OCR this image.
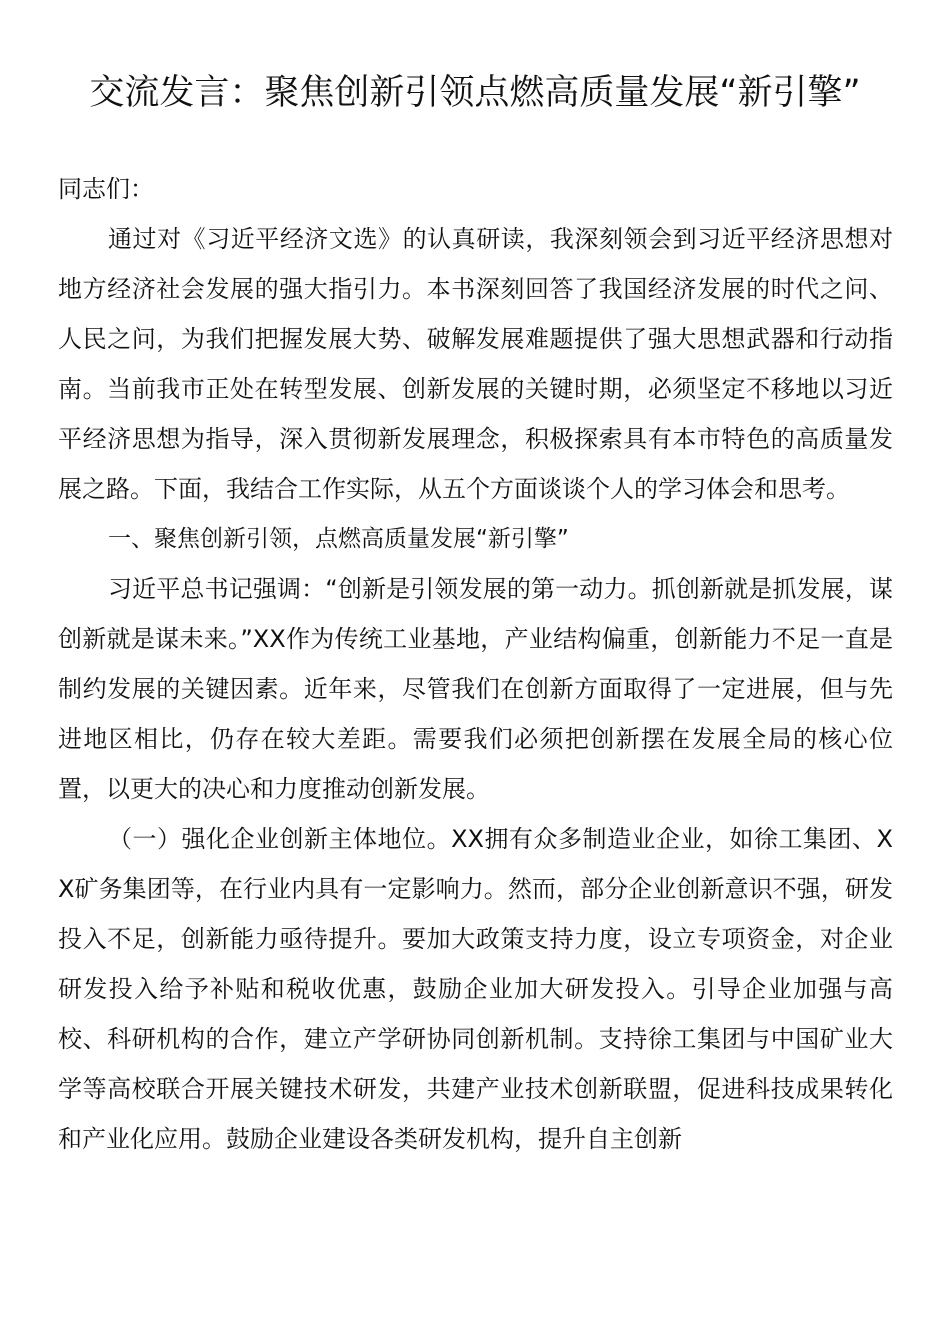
交流发言：聚焦创新引领点燃高质量发展“新引擎”

同志们：

通过对《习近平经济文选》的认真研读，我深刻领会到习近平经济思想对地方经济社会发展的强大指引力。本书深刻回答了我国经济发展的时代之问、人民之问，为我们把握发展大势、破解发展难题提供了强大思想武器和行动指南。当前我市正处在转型发展、创新发展的关键时期，必须坚定不移地以习近平经济思想为指导，深入贯彻新发展理念，积极探索具有本市特色的高质量发展之路。下面，我结合工作实际，从五个方面谈谈个人的学习体会和思考。

一、聚焦创新引领，点燃高质量发展“新引擎”

习近平总书记强调：“创新是引领发展的第一动力。抓创新就是抓发展，谋创新就是谋未来。”XX作为传统工业基地，产业结构偏重，创新能力不足一直是制约发展的关键因素。近年来，尽管我们在创新方面取得了一定进展，但与先进地区相比，仍存在较大差距。需要我们必须把创新摆在发展全局的核心位置，以更大的决心和力度推动创新发展。

（一）强化企业创新主体地位。XX拥有众多制造业企业，如徐工集团、XX矿务集团等，在行业内具有一定影响力。然而，部分企业创新意识不强，研发投入不足，创新能力亟待提升。要加大政策支持力度，设立专项资金，对企业研发投入给予补贴和税收优惠，鼓励企业加大研发投入。引导企业加强与高校、科研机构的合作，建立产学研协同创新机制。支持徐工集团与中国矿业大学等高校联合开展关键技术研发，共建产业技术创新联盟，促进科技成果转化和产业化应用。鼓励企业建设各类研发机构，提升自主创新
